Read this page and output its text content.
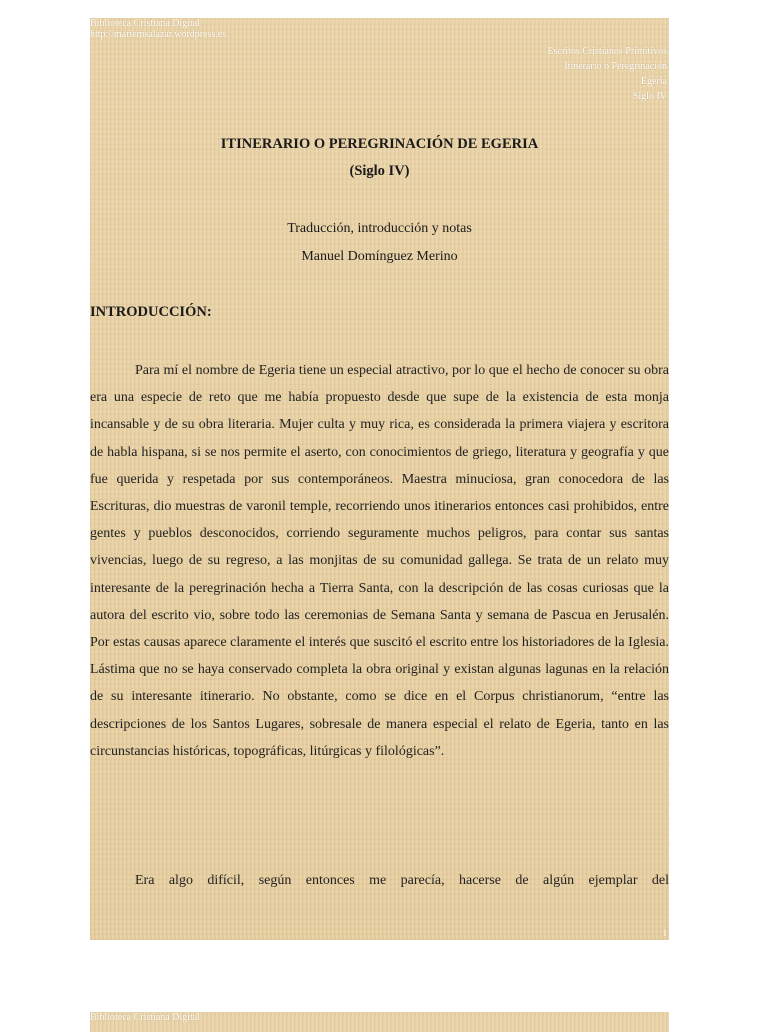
Biblioteca Cristiana Digital
http://mariemsalazar.wordpress.es
Escritos Cristianos Primitivos
Itinerario o Peregrinación
Egeria
Siglo IV
ITINERARIO O PEREGRINACIÓN DE EGERIA
(Siglo IV)
Traducción, introducción y notas
Manuel Domínguez Merino
INTRODUCCIÓN:

Para mí el nombre de Egeria tiene un especial atractivo, por lo que el hecho de conocer su obra era una especie de reto que me había propuesto desde que supe de la existencia de esta monja incansable y de su obra literaria. Mujer culta y muy rica, es considerada la primera viajera y escritora de habla hispana, si se nos permite el aserto, con conocimientos de griego, literatura y geografía y que fue querida y respetada por sus contemporáneos. Maestra minuciosa, gran conocedora de las Escrituras, dio muestras de varonil temple, recorriendo unos itinerarios entonces casi prohibidos, entre gentes y pueblos desconocidos, corriendo seguramente muchos peligros, para contar sus santas vivencias, luego de su regreso, a las monjitas de su comunidad gallega. Se trata de un relato muy interesante de la peregrinación hecha a Tierra Santa, con la descripción de las cosas curiosas que la autora del escrito vio, sobre todo las ceremonias de Semana Santa y semana de Pascua en Jerusalén. Por estas causas aparece claramente el interés que suscitó el escrito entre los historiadores de la Iglesia. Lástima que no se haya conservado completa la obra original y existan algunas lagunas en la relación de su interesante itinerario. No obstante, como se dice en el Corpus christianorum, “entre las descripciones de los Santos Lugares, sobresale de manera especial el relato de Egeria, tanto en las circunstancias históricas, topográficas, litúrgicas y filológicas”.

Era algo difícil, según entonces me parecía, hacerse de algún ejemplar del

1
Biblioteca Cristiana Digital
